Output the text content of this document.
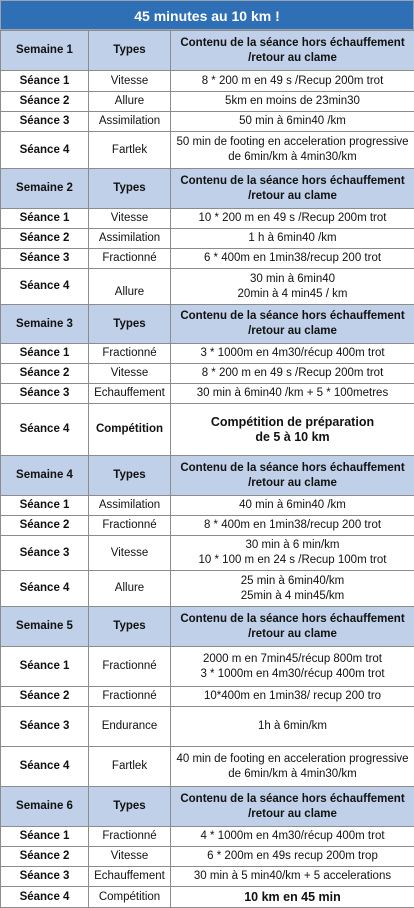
45 minutes au 10 km !
Semaine 1	Types	Contenu de la séance hors échauffement /retour au clame
Séance 1	Vitesse	8 * 200 m en 49 s /Recup 200m trot
Séance 2	Allure	5km en moins de 23min30
Séance 3	Assimilation	50 min à 6min40 /km
Séance 4	Fartlek	50 min de footing en acceleration progressive de 6min/km à 4min30/km
Semaine 2	Types	Contenu de la séance hors échauffement /retour au clame
Séance 1	Vitesse	10 * 200 m en 49 s /Recup 200m trot
Séance 2	Assimilation	1 h à 6min40 /km
Séance 3	Fractionné	6 * 400m en 1min38/recup 200 trot
Séance 4	Allure	30 min à 6min40
20min à 4 min45 / km
Semaine 3	Types	Contenu de la séance hors échauffement /retour au clame
Séance 1	Fractionné	3 * 1000m en 4m30/récup 400m trot
Séance 2	Vitesse	8 * 200 m en 49 s /Recup 200m trot
Séance 3	Echauffement	30 min à 6min40 /km + 5 * 100metres
Séance 4	Compétition	Compétition de préparation
de 5 à 10 km
Semaine 4	Types	Contenu de la séance hors échauffement /retour au clame
Séance 1	Assimilation	40 min à 6min40 /km
Séance 2	Fractionné	8 * 400m en 1min38/recup 200 trot
Séance 3	Vitesse	30 min à 6 min/km
10 * 100 m en 24 s /Recup 100m trot
Séance 4	Allure	25 min à 6min40/km
25min à 4 min45/km
Semaine 5	Types	Contenu de la séance hors échauffement /retour au clame
Séance 1	Fractionné	2000 m en 7min45/récup 800m trot
3 * 1000m en 4m30/récup 400m trot
Séance 2	Fractionné	10*400m en 1min38/ recup 200 tro
Séance 3	Endurance	1h à 6min/km
Séance 4	Fartlek	40 min de footing en acceleration progressive de 6min/km à 4min30/km
Semaine 6	Types	Contenu de la séance hors échauffement /retour au clame
Séance 1	Fractionné	4 * 1000m en 4m30/récup 400m trot
Séance 2	Vitesse	6 * 200m en 49s recup 200m trop
Séance 3	Echauffement	30 min à 5 min40/km + 5 accelerations
Séance 4	Compétition	10 km en 45 min
